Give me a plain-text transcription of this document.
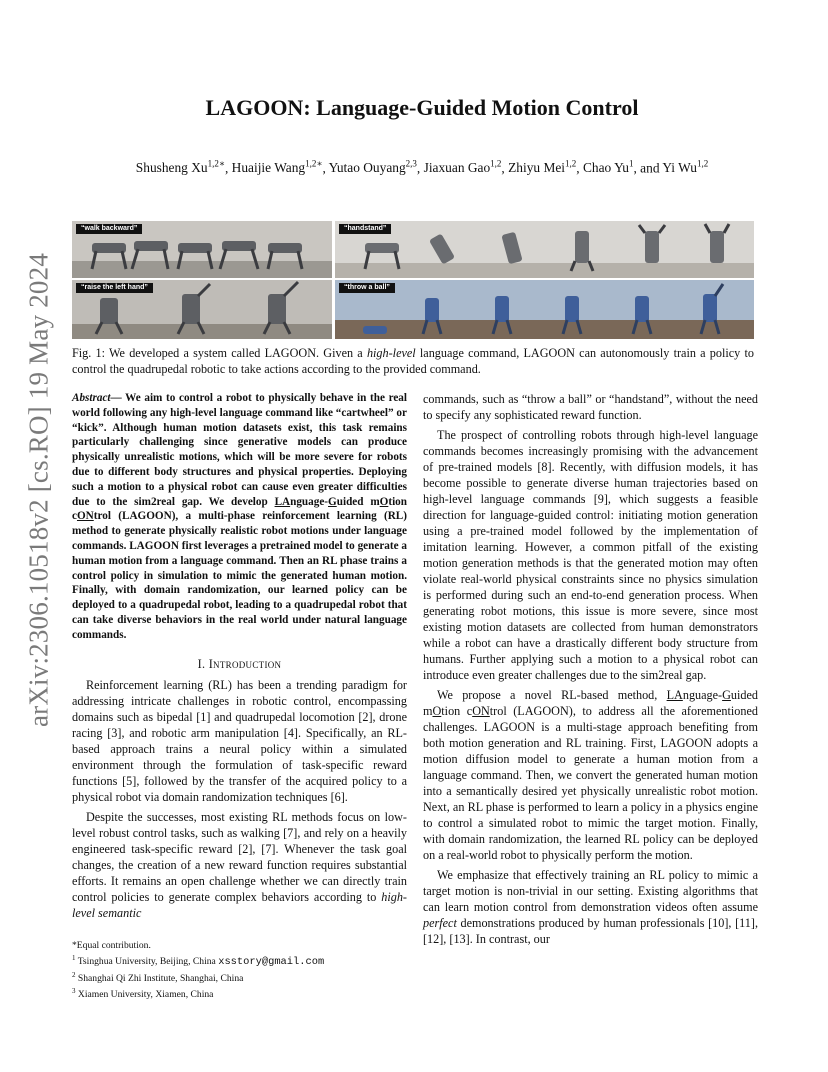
arXiv:2306.10518v2 [cs.RO] 19 May 2024
LAGOON: Language-Guided Motion Control
Shusheng $Xu^{1,2∗}$, Huaijie Wang$^{1,2∗}$, Yutao Ouyang$^{2,3}$, Jiaxuan Gao$^{1,2}$, Zhiyu Mei$^{1,2}$, Chao Yu$^1$, and Yi Wu$^{1,2}$
“walk backward”	“handstand”
“raise the left hand”	“throw a ball”
Fig. 1: We developed a system called LAGOON. Given a high-level language command, LAGOON can autonomously train a policy to control the quadrupedal robotic to take actions according to the provided command.

Abstract— We aim to control a robot to physically behave in the real world following any high-level language command like “cartwheel” or “kick”. Although human motion datasets exist, this task remains particularly challenging since generative models can produce physically unrealistic motions, which will be more severe for robots due to different body structures and physical properties. Deploying such a motion to a physical robot can cause even greater difficulties due to the sim2real gap. We develop LAnguage-Guided mOtion cONtrol (LAGOON), a multi-phase reinforcement learning (RL) method to generate physically realistic robot motions under language commands. LAGOON first leverages a pretrained model to generate a human motion from a language command. Then an RL phase trains a control policy in simulation to mimic the generated human motion. Finally, with domain randomization, our learned policy can be deployed to a quadrupedal robot, leading to a quadrupedal robot that can take diverse behaviors in the real world under natural language commands.

I. Introduction

Reinforcement learning (RL) has been a trending paradigm for addressing intricate challenges in robotic control, encompassing domains such as bipedal [1] and quadrupedal locomotion [2], drone racing [3], and robotic arm manipulation [4]. Specifically, an RL-based approach trains a neural policy within a simulated environment through the formulation of task-specific reward functions [5], followed by the transfer of the acquired policy to a physical robot via domain randomization techniques [6].

Despite the successes, most existing RL methods focus on low-level robust control tasks, such as walking [7], and rely on a heavily engineered task-specific reward [2], [7]. Whenever the task goal changes, the creation of a new reward function requires substantial efforts. It remains an open challenge whether we can directly train control policies to generate complex behaviors according to high-level semantic

commands, such as “throw a ball” or “handstand”, without the need to specify any sophisticated reward function.

The prospect of controlling robots through high-level language commands becomes increasingly promising with the advancement of pre-trained models [8]. Recently, with diffusion models, it has become possible to generate diverse human trajectories based on high-level language commands [9], which suggests a feasible direction for language-guided control: initiating motion generation using a pre-trained model followed by the implementation of imitation learning. However, a common pitfall of the existing motion generation methods is that the generated motion may often violate real-world physical constraints since no physics simulation is performed during such an end-to-end generation process. When generating robot motions, this issue is more severe, since most existing motion datasets are collected from human demonstrators while a robot can have a drastically different body structure from humans. Further applying such a motion to a physical robot can introduce even greater challenges due to the sim2real gap.

We propose a novel RL-based method, LAnguage-Guided mOtion cONtrol (LAGOON), to address all the aforementioned challenges. LAGOON is a multi-stage approach benefiting from both motion generation and RL training. First, LAGOON adopts a motion diffusion model to generate a human motion from a language command. Then, we convert the generated human motion into a semantically desired yet physically unrealistic robot motion. Next, an RL phase is performed to learn a policy in a physics engine to control a simulated robot to mimic the target motion. Finally, with domain randomization, the learned RL policy can be deployed on a real-world robot to physically perform the motion.

We emphasize that effectively training an RL policy to mimic a target motion is non-trivial in our setting. Existing algorithms that can learn motion control from demonstration videos often assume perfect demonstrations produced by human professionals [10], [11], [12], [13]. In contrast, our

*Equal contribution.
$^1$ Tsinghua University, Beijing, China xsstory@gmail.com
$^2$ Shanghai Qi Zhi Institute, Shanghai, China
$^3$ Xiamen University, Xiamen, China
